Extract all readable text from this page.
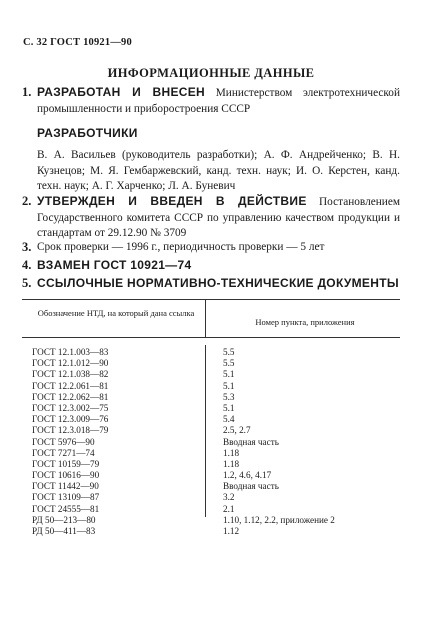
С. 32 ГОСТ 10921—90
ИНФОРМАЦИОННЫЕ ДАННЫЕ
1. РАЗРАБОТАН И ВНЕСЕН Министерством электротехнической промышленности и приборостроения СССР
РАЗРАБОТЧИКИ
В. А. Васильев (руководитель разработки); А. Ф. Андрейченко; В. Н. Кузнецов; М. Я. Гембаржевский, канд. техн. наук; И. О. Керстен, канд. техн. наук; А. Г. Харченко; Л. А. Буневич
2. УТВЕРЖДЕН И ВВЕДЕН В ДЕЙСТВИЕ Постановлением Государственного комитета СССР по управлению качеством продукции и стандартам от 29.12.90 № 3709
3. Срок проверки — 1996 г., периодичность проверки — 5 лет
4. ВЗАМЕН ГОСТ 10921—74
5. ССЫЛОЧНЫЕ НОРМАТИВНО-ТЕХНИЧЕСКИЕ ДОКУМЕНТЫ
Обозначение НТД, на который дана ссылка
Номер пункта, приложения
ГОСТ 12.1.003—83
ГОСТ 12.1.012—90
ГОСТ 12.1.038—82
ГОСТ 12.2.061—81
ГОСТ 12.2.062—81
ГОСТ 12.3.002—75
ГОСТ 12.3.009—76
ГОСТ 12.3.018—79
ГОСТ 5976—90
ГОСТ 7271—74
ГОСТ 10159—79
ГОСТ 10616—90
ГОСТ 11442—90
ГОСТ 13109—87
ГОСТ 24555—81
РД 50—213—80
РД 50—411—83
5.5
5.5
5.1
5.1
5.3
5.1
5.4
2.5, 2.7
Вводная часть
1.18
1.18
1.2, 4.6, 4.17
Вводная часть
3.2
2.1
1.10, 1.12, 2.2, приложение 2
1.12
